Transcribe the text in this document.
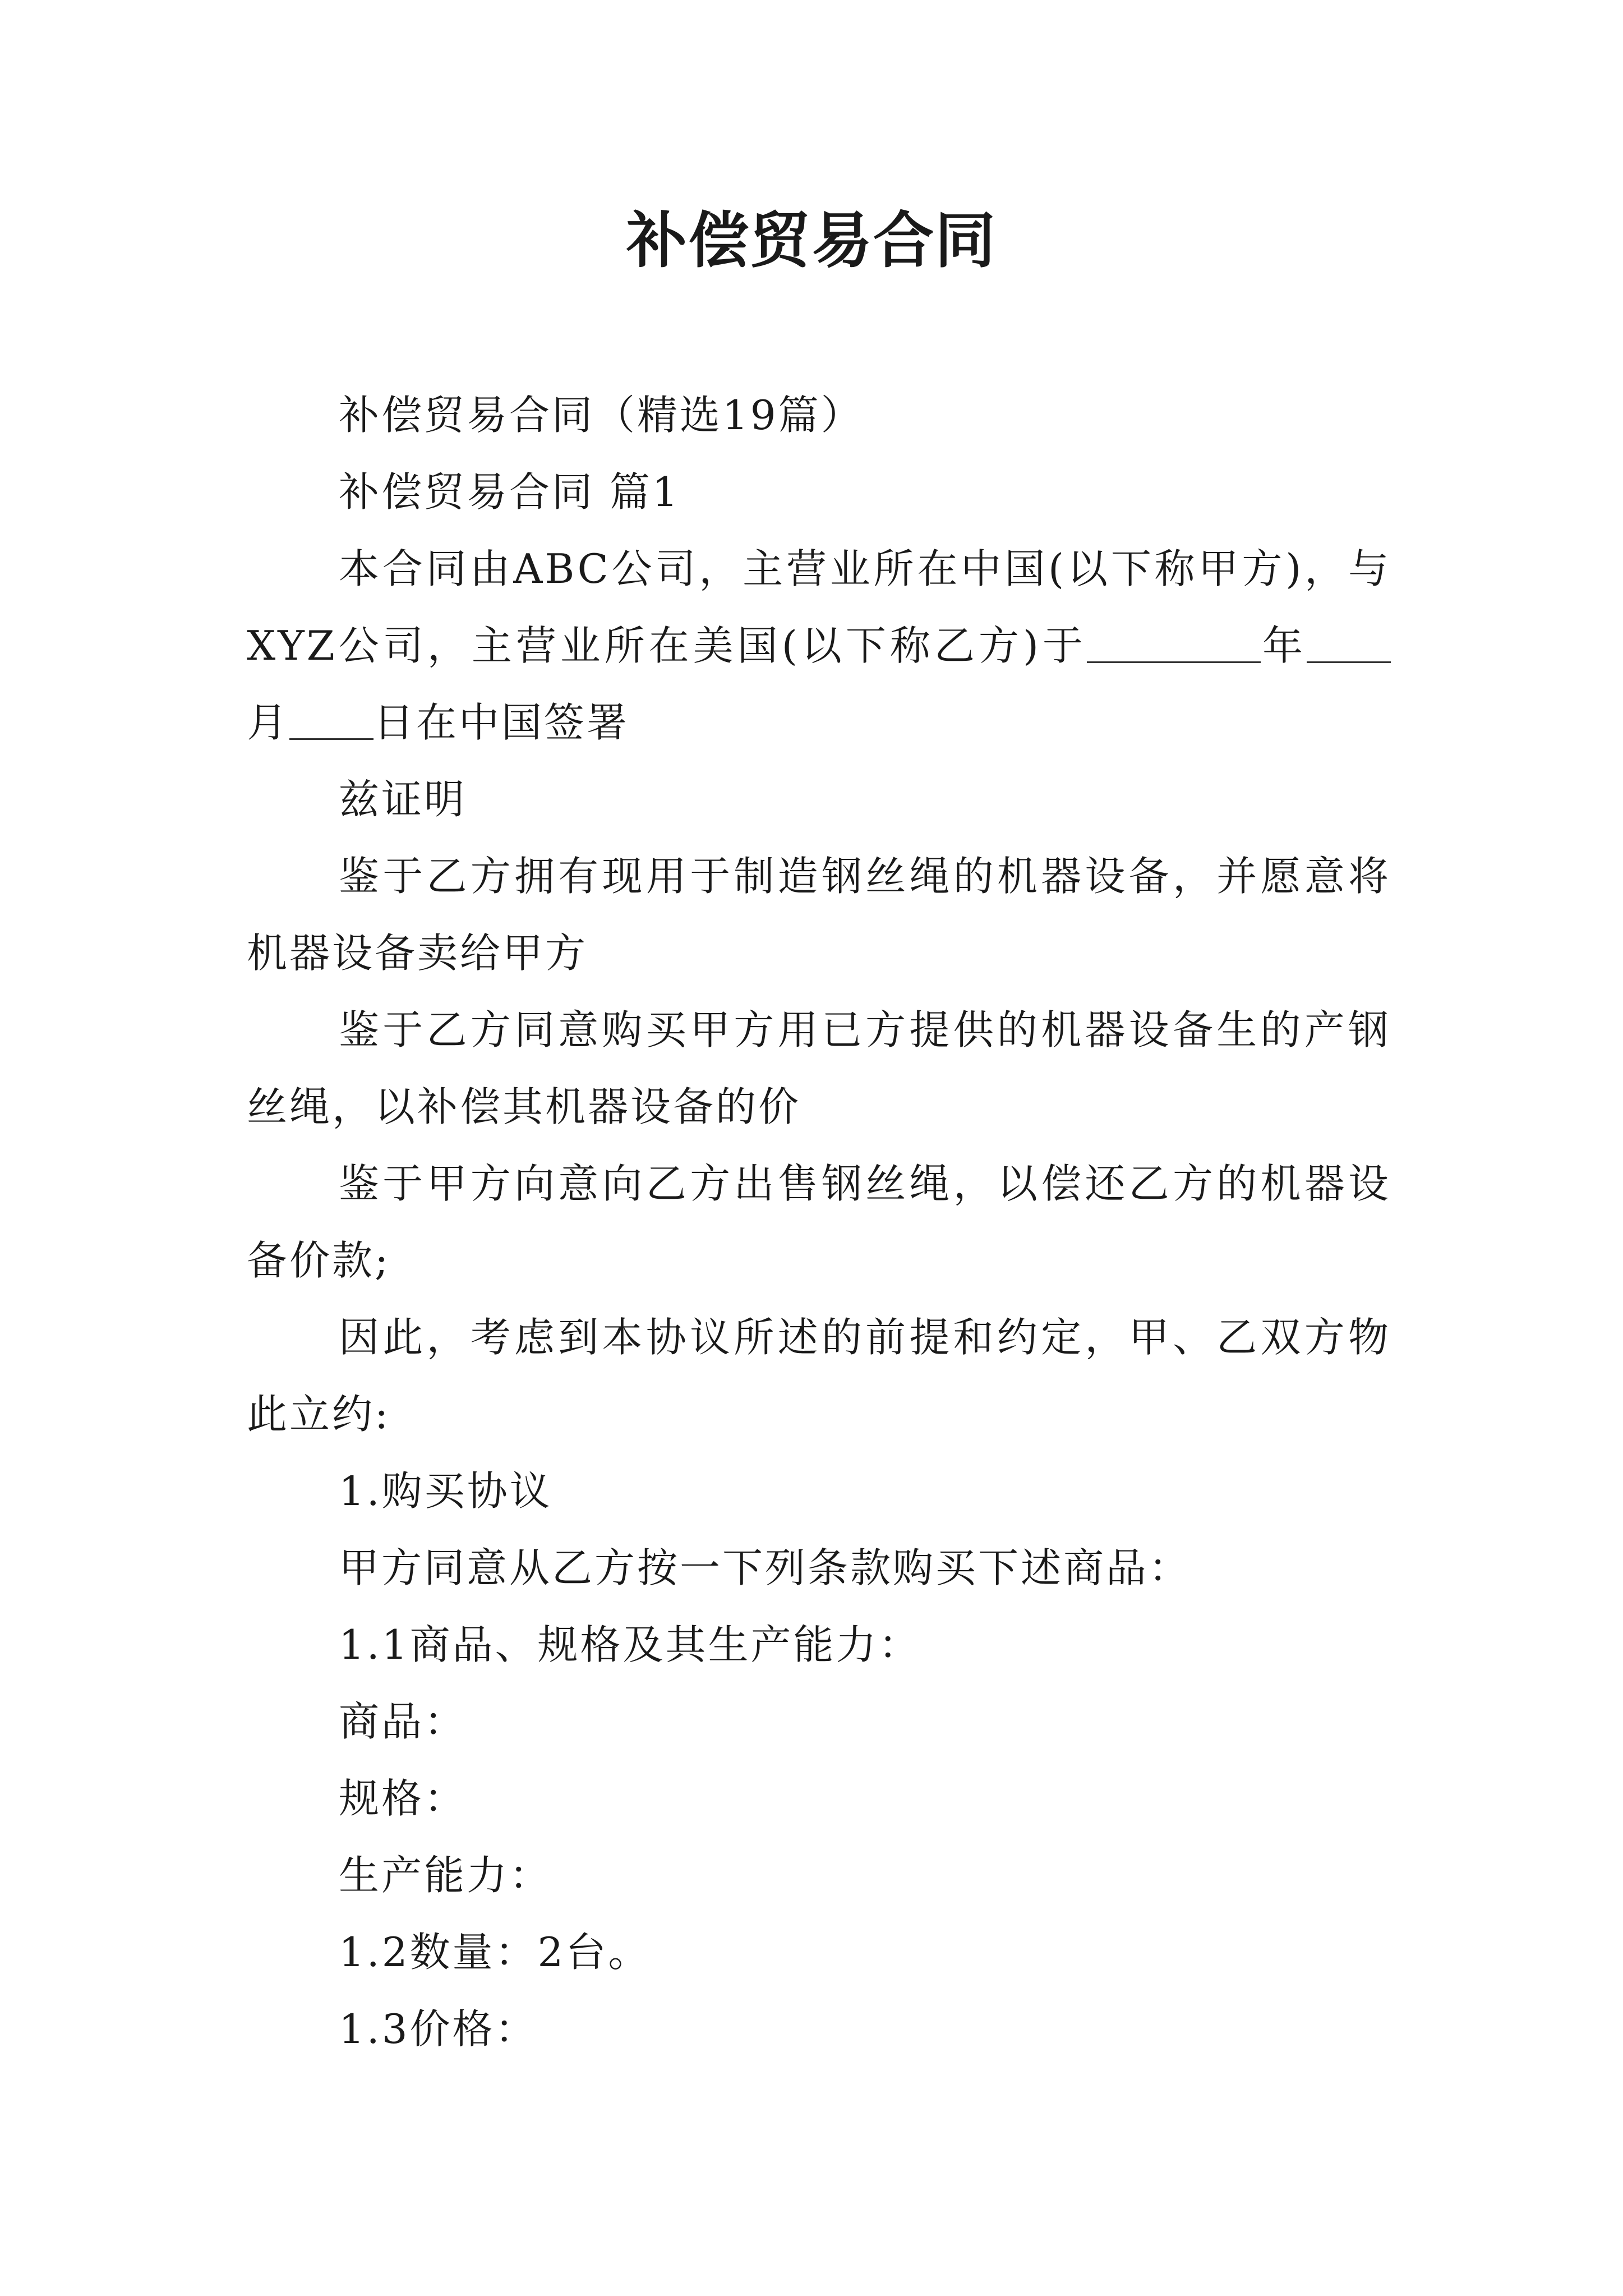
补偿贸易合同

补偿贸易合同（精选19篇）

补偿贸易合同 篇1

本合同由ABC公司，主营业所在中国(以下称甲方)，与XYZ公司，主营业所在美国(以下称乙方)于	年月 日在中国签署

兹证明

鉴于乙方拥有现用于制造钢丝绳的机器设备，并愿意将机器设备卖给甲方

鉴于乙方同意购买甲方用已方提供的机器设备生的产钢丝绳，以补偿其机器设备的价

鉴于甲方向意向乙方出售钢丝绳，以偿还乙方的机器设备价款;

因此，考虑到本协议所述的前提和约定，甲、乙双方物此立约:

1.购买协议

甲方同意从乙方按一下列条款购买下述商品：

1.1商品、规格及其生产能力：

商品：

规格：

生产能力：

1.2数量：2台。

1.3价格：
